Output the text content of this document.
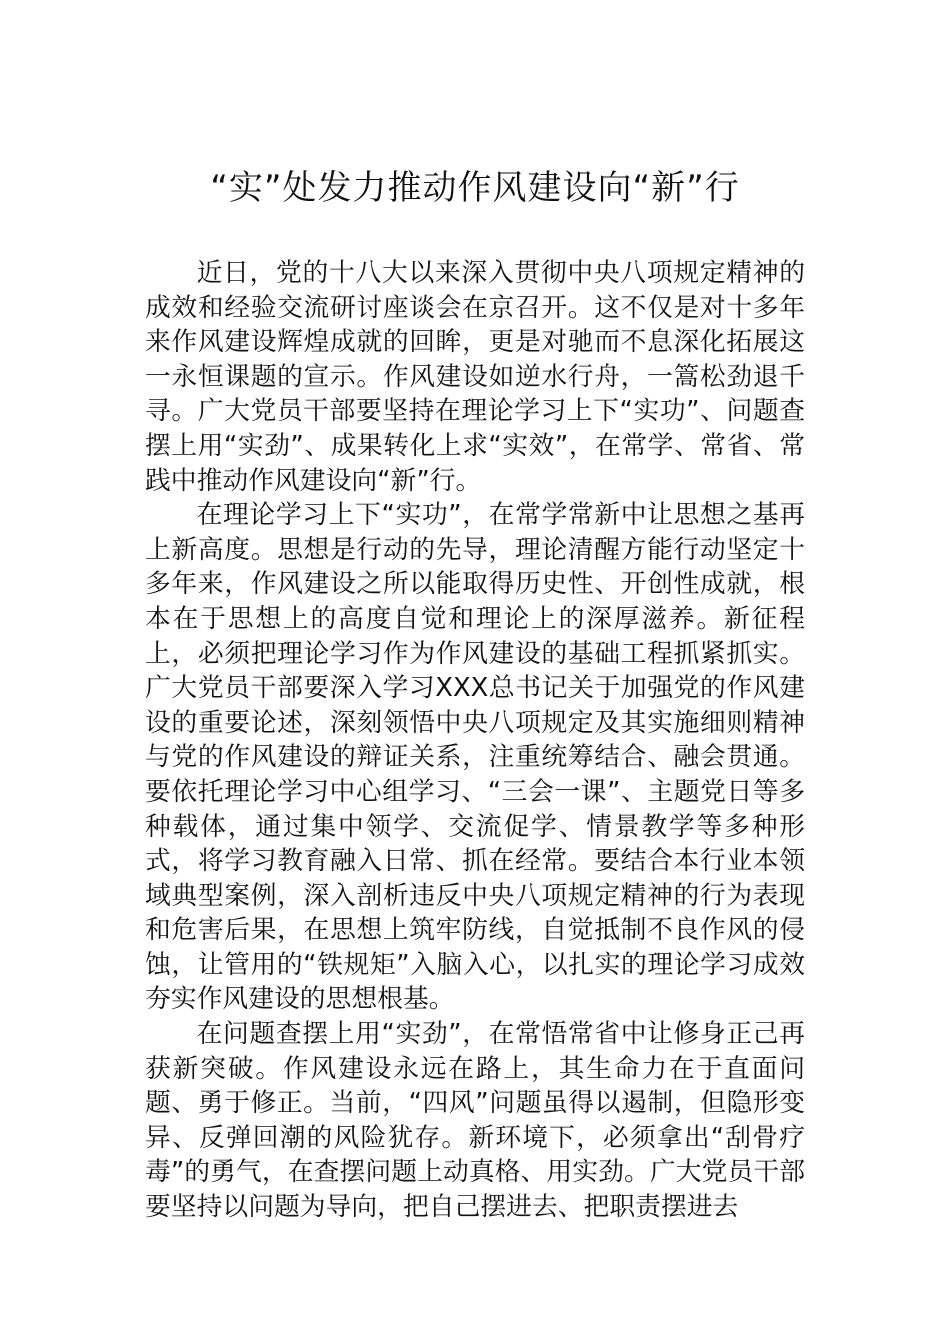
“实”处发力推动作风建设向“新”行

近日，党的十八大以来深入贯彻中央八项规定精神的成效和经验交流研讨座谈会在京召开。这不仅是对十多年来作风建设辉煌成就的回眸，更是对驰而不息深化拓展这一永恒课题的宣示。作风建设如逆水行舟，一篙松劲退千寻。广大党员干部要坚持在理论学习上下“实功”、问题查摆上用“实劲”、成果转化上求“实效”，在常学、常省、常践中推动作风建设向“新”行。

在理论学习上下“实功”，在常学常新中让思想之基再上新高度。思想是行动的先导，理论清醒方能行动坚定十多年来，作风建设之所以能取得历史性、开创性成就，根本在于思想上的高度自觉和理论上的深厚滋养。新征程上，必须把理论学习作为作风建设的基础工程抓紧抓实。广大党员干部要深入学习XXX总书记关于加强党的作风建设的重要论述，深刻领悟中央八项规定及其实施细则精神与党的作风建设的辩证关系，注重统筹结合、融会贯通。要依托理论学习中心组学习、“三会一课”、主题党日等多种载体，通过集中领学、交流促学、情景教学等多种形式，将学习教育融入日常、抓在经常。要结合本行业本领域典型案例，深入剖析违反中央八项规定精神的行为表现和危害后果，在思想上筑牢防线，自觉抵制不良作风的侵蚀，让管用的“铁规矩”入脑入心，以扎实的理论学习成效夯实作风建设的思想根基。

在问题查摆上用“实劲”，在常悟常省中让修身正己再获新突破。作风建设永远在路上，其生命力在于直面问题、勇于修正。当前，“四风”问题虽得以遏制，但隐形变异、反弹回潮的风险犹存。新环境下，必须拿出“刮骨疗毒”的勇气，在查摆问题上动真格、用实劲。广大党员干部要坚持以问题为导向，把自己摆进去、把职责摆进去
